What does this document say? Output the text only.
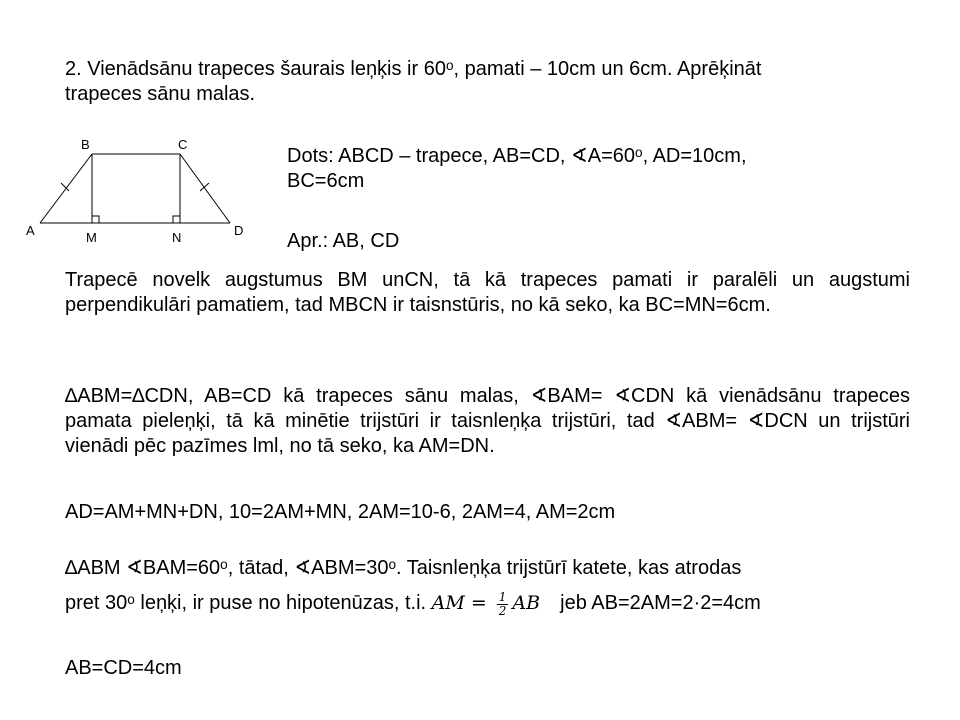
2. Vienādsānu trapeces šaurais leņķis ir 60ᵒ, pamati – 10cm un 6cm. Aprēķināt
trapeces sānu malas.
A
B	C
D
M	N
Dots: ABCD – trapece, AB=CD, ∢A=60ᵒ, AD=10cm,
BC=6cm
Apr.: AB, CD
Trapecē novelk augstumus BM unCN, tā kā trapeces pamati ir paralēli un augstumi perpendikulāri pamatiem, tad MBCN ir taisnstūris, no kā seko, ka BC=MN=6cm.
∆ABM=∆CDN, AB=CD kā trapeces sānu malas, ∢BAM= ∢CDN kā vienādsānu trapeces pamata pieleņķi, tā kā minētie trijstūri ir taisnleņķa trijstūri, tad ∢ABM= ∢DCN un trijstūri vienādi pēc pazīmes lml, no tā seko, ka AM=DN.
AD=AM+MN+DN, 10=2AM+MN, 2AM=10-6, 2AM=4, AM=2cm
∆ABM ∢BAM=60ᵒ, tātad, ∢ABM=30ᵒ. Taisnleņķa trijstūrī katete, kas atrodas
pret 30ᵒ leņķi, ir puse no hipotenūzas, t.i. AM = $\frac{1}{2}$ AB jeb AB=2AM=2·2=4cm
AB=CD=4cm
